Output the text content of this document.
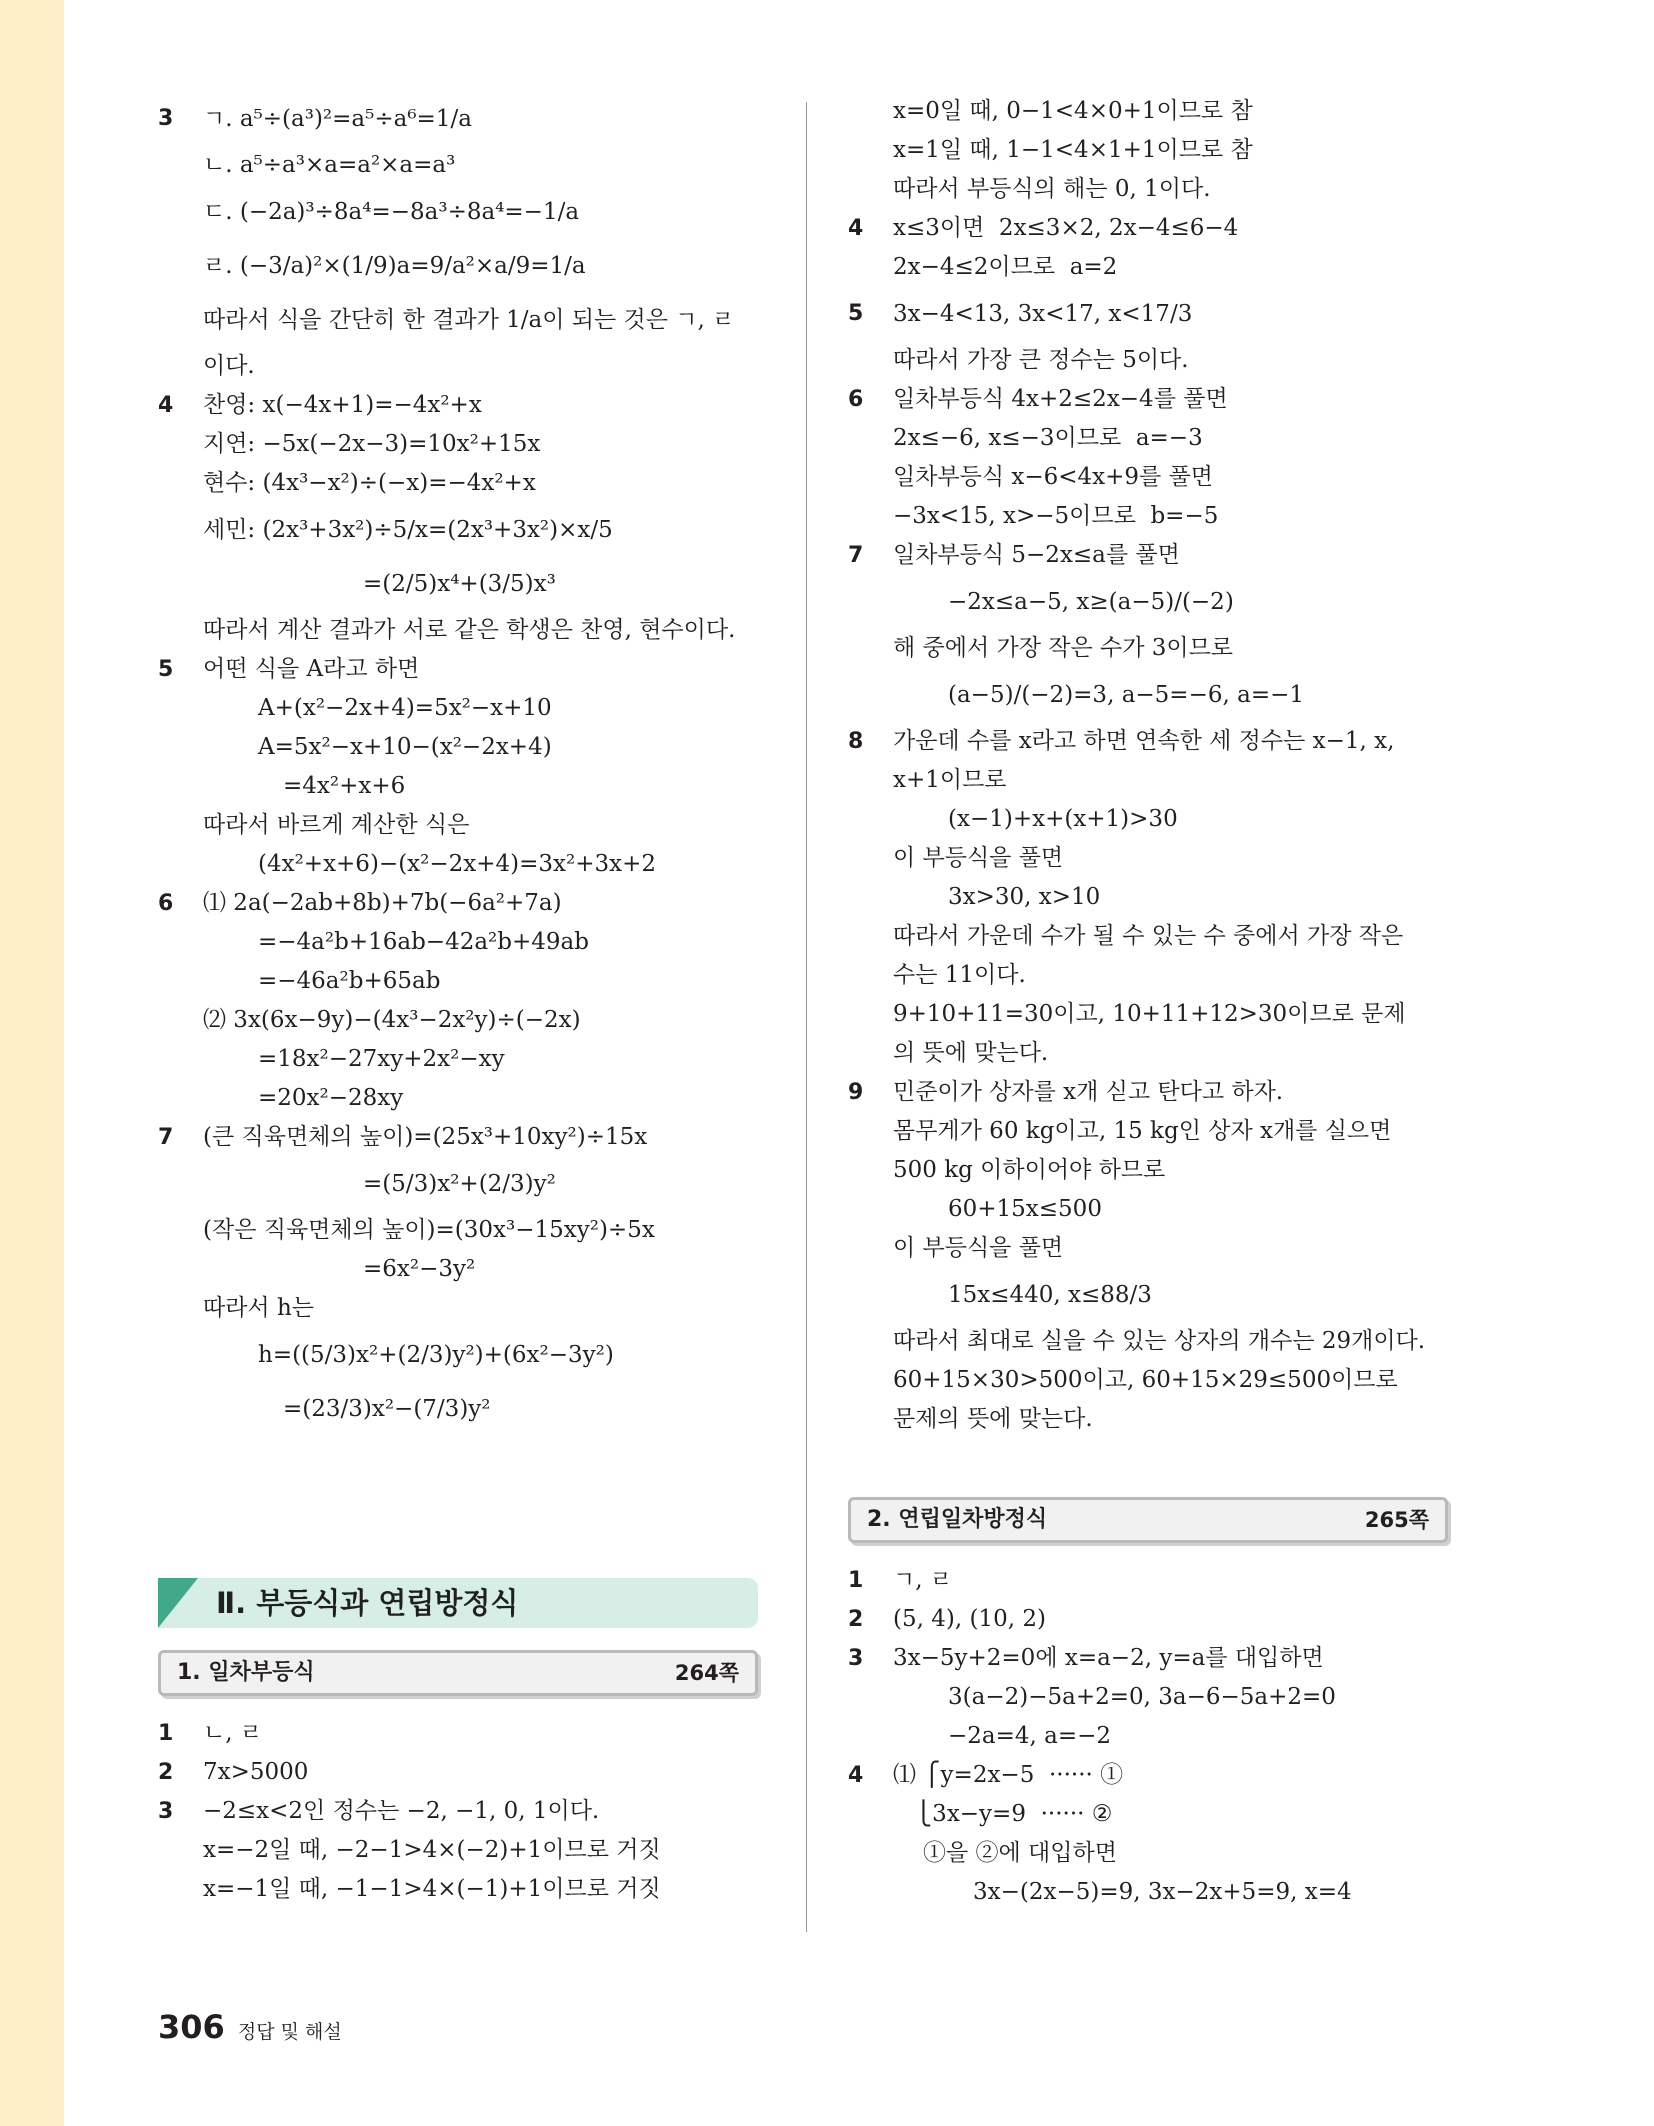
3	ㄱ. a⁵÷(a³)²=a⁵÷a⁶=1/a
ㄴ. a⁵÷a³×a=a²×a=a³
ㄷ. (−2a)³÷8a⁴=−8a³÷8a⁴=−1/a
ㄹ. (−3/a)²×(1/9)a=9/a²×a/9=1/a
따라서 식을 간단히 한 결과가 1/a이 되는 것은 ㄱ, ㄹ
이다.
4	찬영: x(−4x+1)=−4x²+x
지연: −5x(−2x−3)=10x²+15x
현수: (4x³−x²)÷(−x)=−4x²+x
세민: (2x³+3x²)÷5/x=(2x³+3x²)×x/5
=(2/5)x⁴+(3/5)x³
따라서 계산 결과가 서로 같은 학생은 찬영, 현수이다.
5	어떤 식을 A라고 하면
A+(x²−2x+4)=5x²−x+10
A=5x²−x+10−(x²−2x+4)
=4x²+x+6
따라서 바르게 계산한 식은
(4x²+x+6)−(x²−2x+4)=3x²+3x+2
6	⑴ 2a(−2ab+8b)+7b(−6a²+7a)
=−4a²b+16ab−42a²b+49ab
=−46a²b+65ab
⑵ 3x(6x−9y)−(4x³−2x²y)÷(−2x)
=18x²−27xy+2x²−xy
=20x²−28xy
7	(큰 직육면체의 높이)=(25x³+10xy²)÷15x
=(5/3)x²+(2/3)y²
(작은 직육면체의 높이)=(30x³−15xy²)÷5x
=6x²−3y²
따라서 h는
h=((5/3)x²+(2/3)y²)+(6x²−3y²)
=(23/3)x²−(7/3)y²
Ⅱ. 부등식과 연립방정식
1. 일차부등식	264쪽
1	ㄴ, ㄹ
2	7x>5000
3	−2≤x<2인 정수는 −2, −1, 0, 1이다.
x=−2일 때, −2−1>4×(−2)+1이므로 거짓
x=−1일 때, −1−1>4×(−1)+1이므로 거짓
x=0일 때, 0−1<4×0+1이므로 참
x=1일 때, 1−1<4×1+1이므로 참
따라서 부등식의 해는 0, 1이다.
4	x≤3이면  2x≤3×2, 2x−4≤6−4
2x−4≤2이므로  a=2
5	3x−4<13, 3x<17, x<17/3
따라서 가장 큰 정수는 5이다.
6	일차부등식 4x+2≤2x−4를 풀면
2x≤−6, x≤−3이므로  a=−3
일차부등식 x−6<4x+9를 풀면
−3x<15, x>−5이므로  b=−5
7	일차부등식 5−2x≤a를 풀면
−2x≤a−5, x≥(a−5)/(−2)
해 중에서 가장 작은 수가 3이므로
(a−5)/(−2)=3, a−5=−6, a=−1
8	가운데 수를 x라고 하면 연속한 세 정수는 x−1, x,
x+1이므로
(x−1)+x+(x+1)>30
이 부등식을 풀면
3x>30, x>10
따라서 가운데 수가 될 수 있는 수 중에서 가장 작은
수는 11이다.
9+10+11=30이고, 10+11+12>30이므로 문제
의 뜻에 맞는다.
9	민준이가 상자를 x개 싣고 탄다고 하자.
몸무게가 60 kg이고, 15 kg인 상자 x개를 실으면
500 kg 이하이어야 하므로
60+15x≤500
이 부등식을 풀면
15x≤440, x≤88/3
따라서 최대로 실을 수 있는 상자의 개수는 29개이다.
60+15×30>500이고, 60+15×29≤500이므로
문제의 뜻에 맞는다.
2. 연립일차방정식	265쪽
1	ㄱ, ㄹ
2	(5, 4), (10, 2)
3	3x−5y+2=0에 x=a−2, y=a를 대입하면
3(a−2)−5a+2=0, 3a−6−5a+2=0
−2a=4, a=−2
4	⑴ ⎧y=2x−5  ······ ①
⎩3x−y=9  ······ ②
①을 ②에 대입하면
3x−(2x−5)=9, 3x−2x+5=9, x=4
306 정답 및 해설
